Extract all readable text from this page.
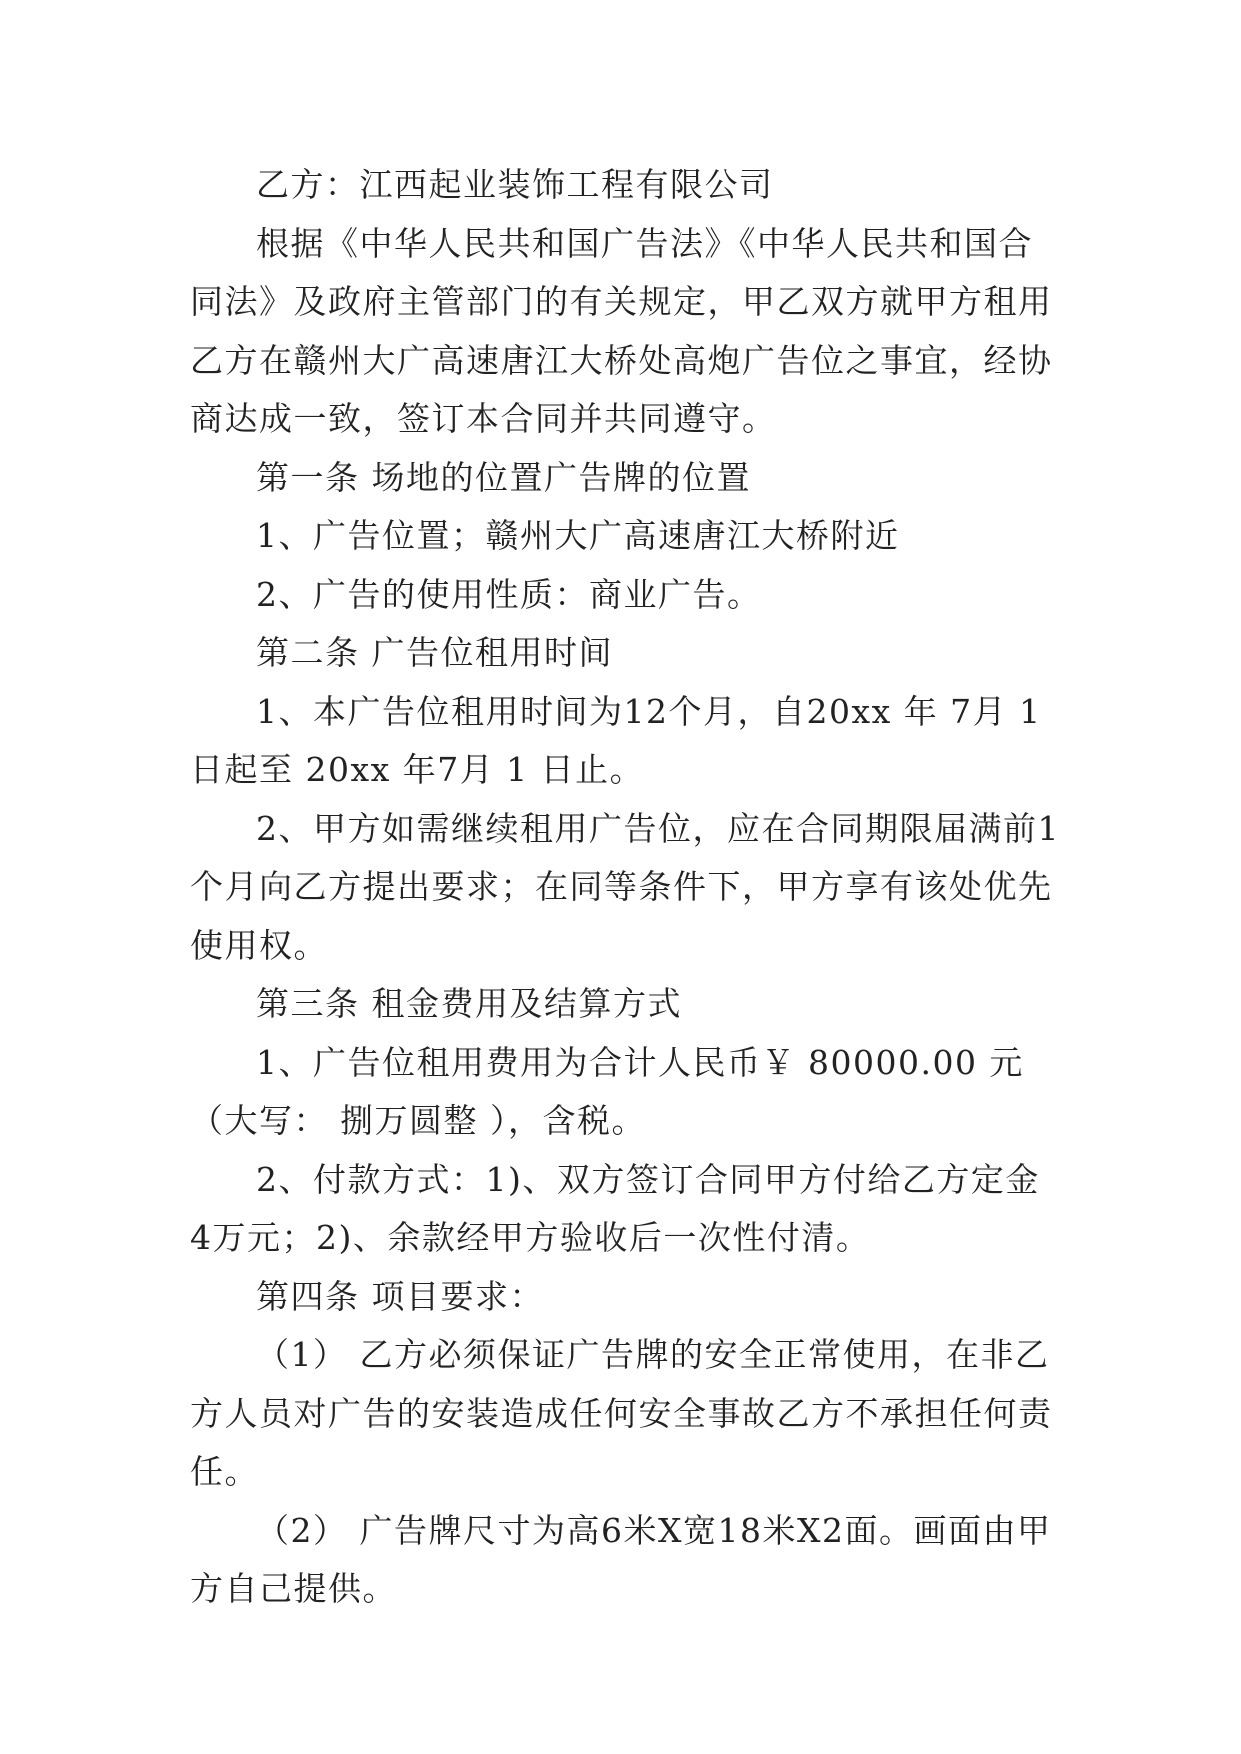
乙方：江西起业装饰工程有限公司

根据《中华人民共和国广告法》《中华人民共和国合同法》及政府主管部门的有关规定，甲乙双方就甲方租用乙方在赣州大广高速唐江大桥处高炮广告位之事宜，经协商达成一致，签订本合同并共同遵守。

第一条 场地的位置广告牌的位置

1、广告位置；赣州大广高速唐江大桥附近

2、广告的使用性质：商业广告。

第二条 广告位租用时间

1、本广告位租用时间为12个月，自20xx 年 7月 1日起至 20xx 年7月 1 日止。

2、甲方如需继续租用广告位，应在合同期限届满前1个月向乙方提出要求；在同等条件下，甲方享有该处优先使用权。

第三条 租金费用及结算方式

1、广告位租用费用为合计人民币￥ 80000.00 元（大写： 捌万圆整 ），含税。

2、付款方式：1)、双方签订合同甲方付给乙方定金4万元；2)、余款经甲方验收后一次性付清。

第四条 项目要求：

（1） 乙方必须保证广告牌的安全正常使用，在非乙方人员对广告的安装造成任何安全事故乙方不承担任何责任。

（2） 广告牌尺寸为高6米X宽18米X2面。画面由甲方自己提供。
